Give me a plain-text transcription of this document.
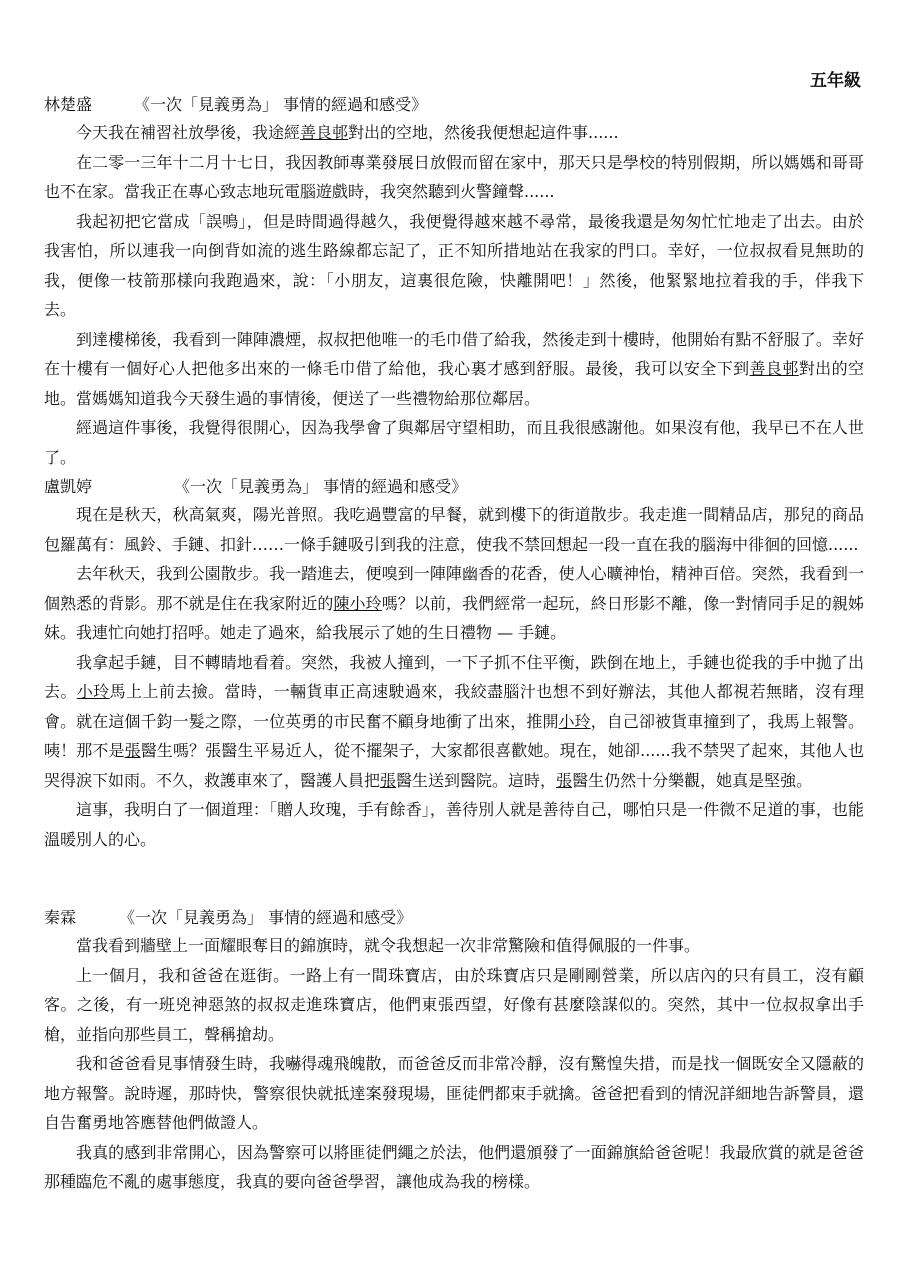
五年級
林楚盛	《一次「見義勇為」 事情的經過和感受》

今天我在補習社放學後，我途經善良邨對出的空地，然後我便想起這件事......

在二零一三年十二月十七日，我因教師專業發展日放假而留在家中，那天只是學校的特別假期，所以媽媽和哥哥也不在家。當我正在專心致志地玩電腦遊戲時，我突然聽到火警鐘聲......

我起初把它當成「誤鳴」，但是時間過得越久，我便覺得越來越不尋常，最後我還是匆匆忙忙地走了出去。由於我害怕，所以連我一向倒背如流的逃生路線都忘記了，正不知所措地站在我家的門口。幸好，一位叔叔看見無助的我，便像一枝箭那樣向我跑過來，說：「小朋友，這裏很危險，快離開吧！」然後，他緊緊地拉着我的手，伴我下去。

到達樓梯後，我看到一陣陣濃煙，叔叔把他唯一的毛巾借了給我，然後走到十樓時，他開始有點不舒服了。幸好在十樓有一個好心人把他多出來的一條毛巾借了給他，我心裏才感到舒服。最後，我可以安全下到善良邨對出的空地。當媽媽知道我今天發生過的事情後，便送了一些禮物給那位鄰居。

經過這件事後，我覺得很開心，因為我學會了與鄰居守望相助，而且我很感謝他。如果沒有他，我早已不在人世了。

盧凱婷	《一次「見義勇為」 事情的經過和感受》

現在是秋天，秋高氣爽，陽光普照。我吃過豐富的早餐，就到樓下的街道散步。我走進一間精品店，那兒的商品包羅萬有：風鈴、手鏈、扣針……一條手鏈吸引到我的注意，使我不禁回想起一段一直在我的腦海中徘徊的回憶......

去年秋天，我到公園散步。我一踏進去，便嗅到一陣陣幽香的花香，使人心曠神怡，精神百倍。突然，我看到一個熟悉的背影。那不就是住在我家附近的陳小玲嗎？以前，我們經常一起玩，終日形影不離，像一對情同手足的親姊妹。我連忙向她打招呼。她走了過來，給我展示了她的生日禮物 — 手鏈。

我拿起手鏈，目不轉睛地看着。突然，我被人撞到，一下子抓不住平衡，跌倒在地上，手鏈也從我的手中拋了出去。小玲馬上上前去撿。當時，一輛貨車正高速駛過來，我絞盡腦汁也想不到好辦法，其他人都視若無睹，沒有理會。就在這個千鈞一髮之際，一位英勇的市民奮不顧身地衝了出來，推開小玲，自己卻被貨車撞到了，我馬上報警。咦！那不是張醫生嗎？張醫生平易近人，從不擺架子，大家都很喜歡她。現在，她卻......我不禁哭了起來，其他人也哭得淚下如雨。不久，救護車來了，醫護人員把張醫生送到醫院。這時，張醫生仍然十分樂觀，她真是堅強。

這事，我明白了一個道理：「贈人玫瑰，手有餘香」，善待別人就是善待自己，哪怕只是一件微不足道的事，也能溫暖別人的心。

秦霖	《一次「見義勇為」 事情的經過和感受》

當我看到牆壁上一面耀眼奪目的錦旗時，就令我想起一次非常驚險和值得佩服的一件事。

上一個月，我和爸爸在逛街。一路上有一間珠寶店，由於珠寶店只是剛剛營業，所以店內的只有員工，沒有顧客。之後，有一班兇神惡煞的叔叔走進珠寶店，他們東張西望，好像有甚麼陰謀似的。突然，其中一位叔叔拿出手槍，並指向那些員工，聲稱搶劫。

我和爸爸看見事情發生時，我嚇得魂飛魄散，而爸爸反而非常冷靜，沒有驚惶失措，而是找一個既安全又隱蔽的地方報警。說時遲，那時快，警察很快就抵達案發現場，匪徒們都束手就擒。爸爸把看到的情況詳細地告訴警員，還自告奮勇地答應替他們做證人。

我真的感到非常開心，因為警察可以將匪徒們繩之於法，他們還頒發了一面錦旗給爸爸呢！我最欣賞的就是爸爸那種臨危不亂的處事態度，我真的要向爸爸學習，讓他成為我的榜樣。
